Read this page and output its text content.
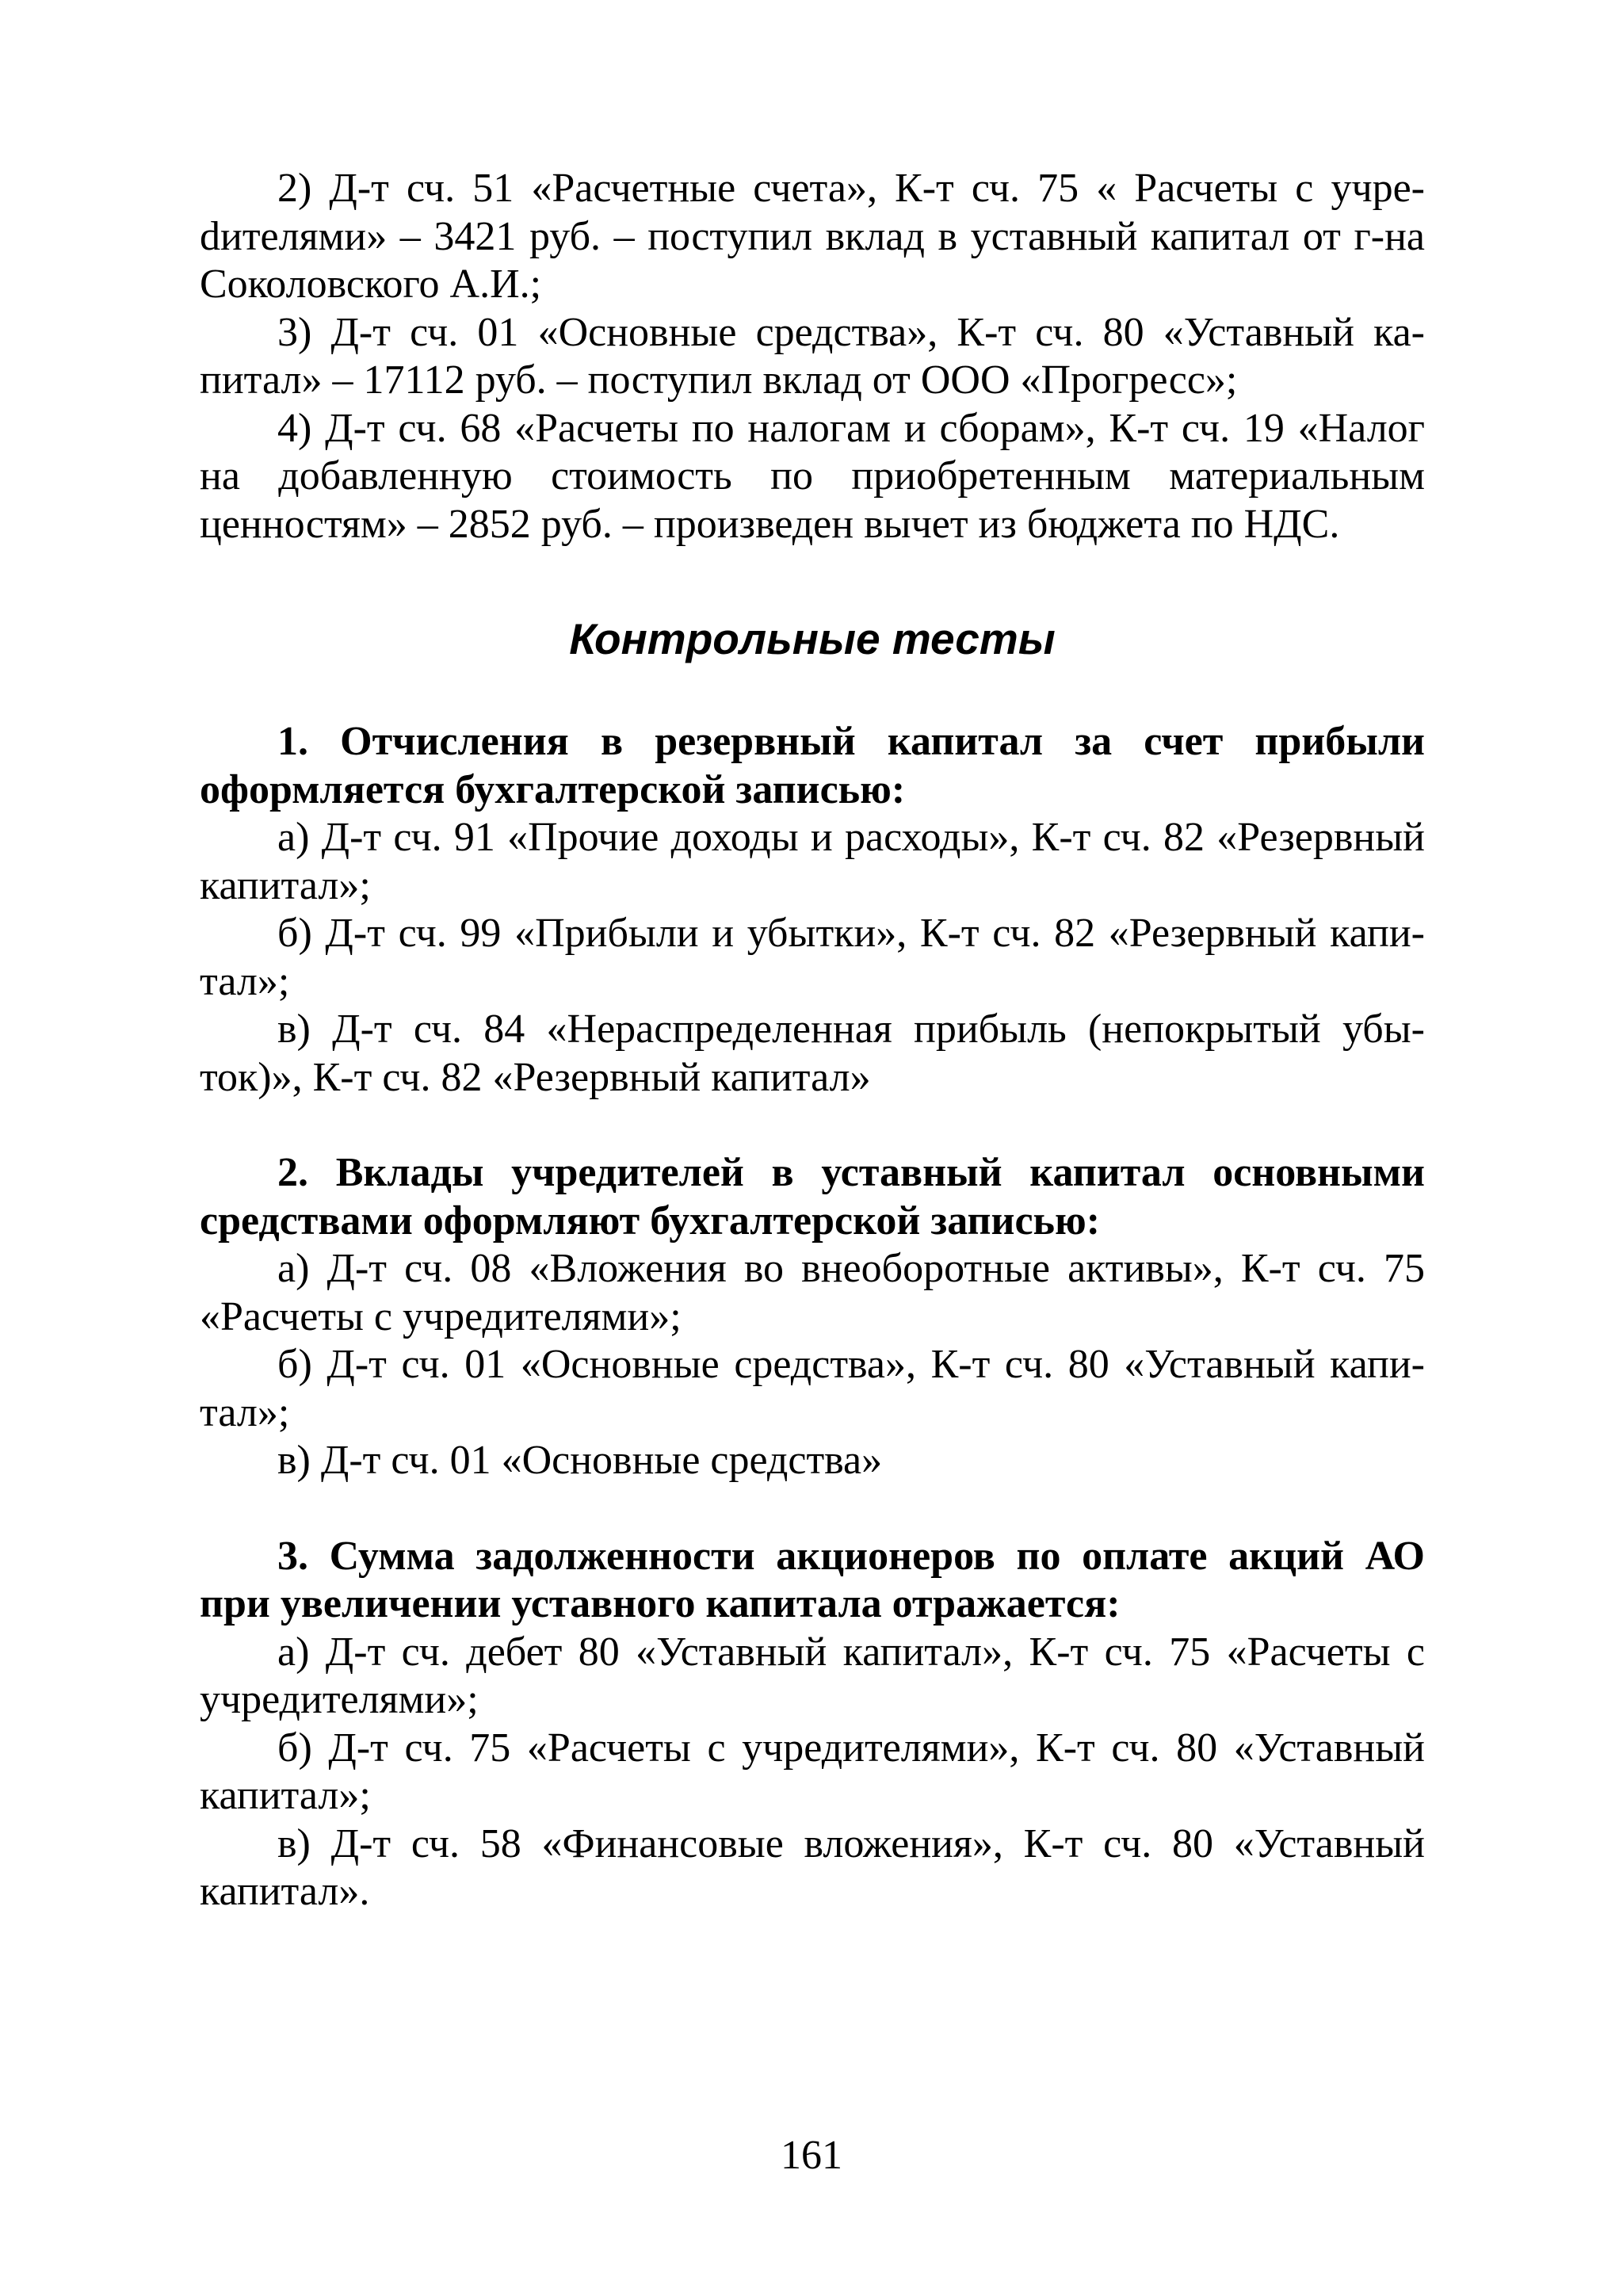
2) Д-т сч. 51 «Расчетные счета», К-т сч. 75 « Расчеты с учреdителями» – 3421 руб. – поступил вклад в уставный капитал от г-на Соколовского А.И.;

3) Д-т сч. 01 «Основные средства», К-т сч. 80 «Уставный капитал» – 17112 руб. – поступил вклад от ООО «Прогресс»;

4) Д-т сч. 68 «Расчеты по налогам и сборам», К-т сч. 19 «Налог на добавленную стоимость по приобретенным материальным ценностям» – 2852 руб. – произведен вычет из бюджета по НДС.

Контрольные тесты

1. Отчисления в резервный капитал за счет прибыли оформляется бухгалтерской записью:

а) Д-т сч. 91 «Прочие доходы и расходы», К-т сч. 82 «Резервный капитал»;

б) Д-т сч. 99 «Прибыли и убытки», К-т сч. 82 «Резервный капитал»;

в) Д-т сч. 84 «Нераспределенная прибыль (непокрытый убыток)», К-т сч. 82 «Резервный капитал»

2. Вклады учредителей в уставный капитал основными средствами оформляют бухгалтерской записью:

а) Д-т сч. 08 «Вложения во внеоборотные активы», К-т сч. 75 «Расчеты с учредителями»;

б) Д-т сч. 01 «Основные средства», К-т сч. 80 «Уставный капитал»;

в) Д-т сч. 01 «Основные средства»

3. Сумма задолженности акционеров по оплате акций АО при увеличении уставного капитала отражается:

а) Д-т сч. дебет 80 «Уставный капитал», К-т сч. 75 «Расчеты с учредителями»;

б) Д-т сч. 75 «Расчеты с учредителями», К-т сч. 80 «Уставный капитал»;

в) Д-т сч. 58 «Финансовые вложения», К-т сч. 80 «Уставный капитал».

161
